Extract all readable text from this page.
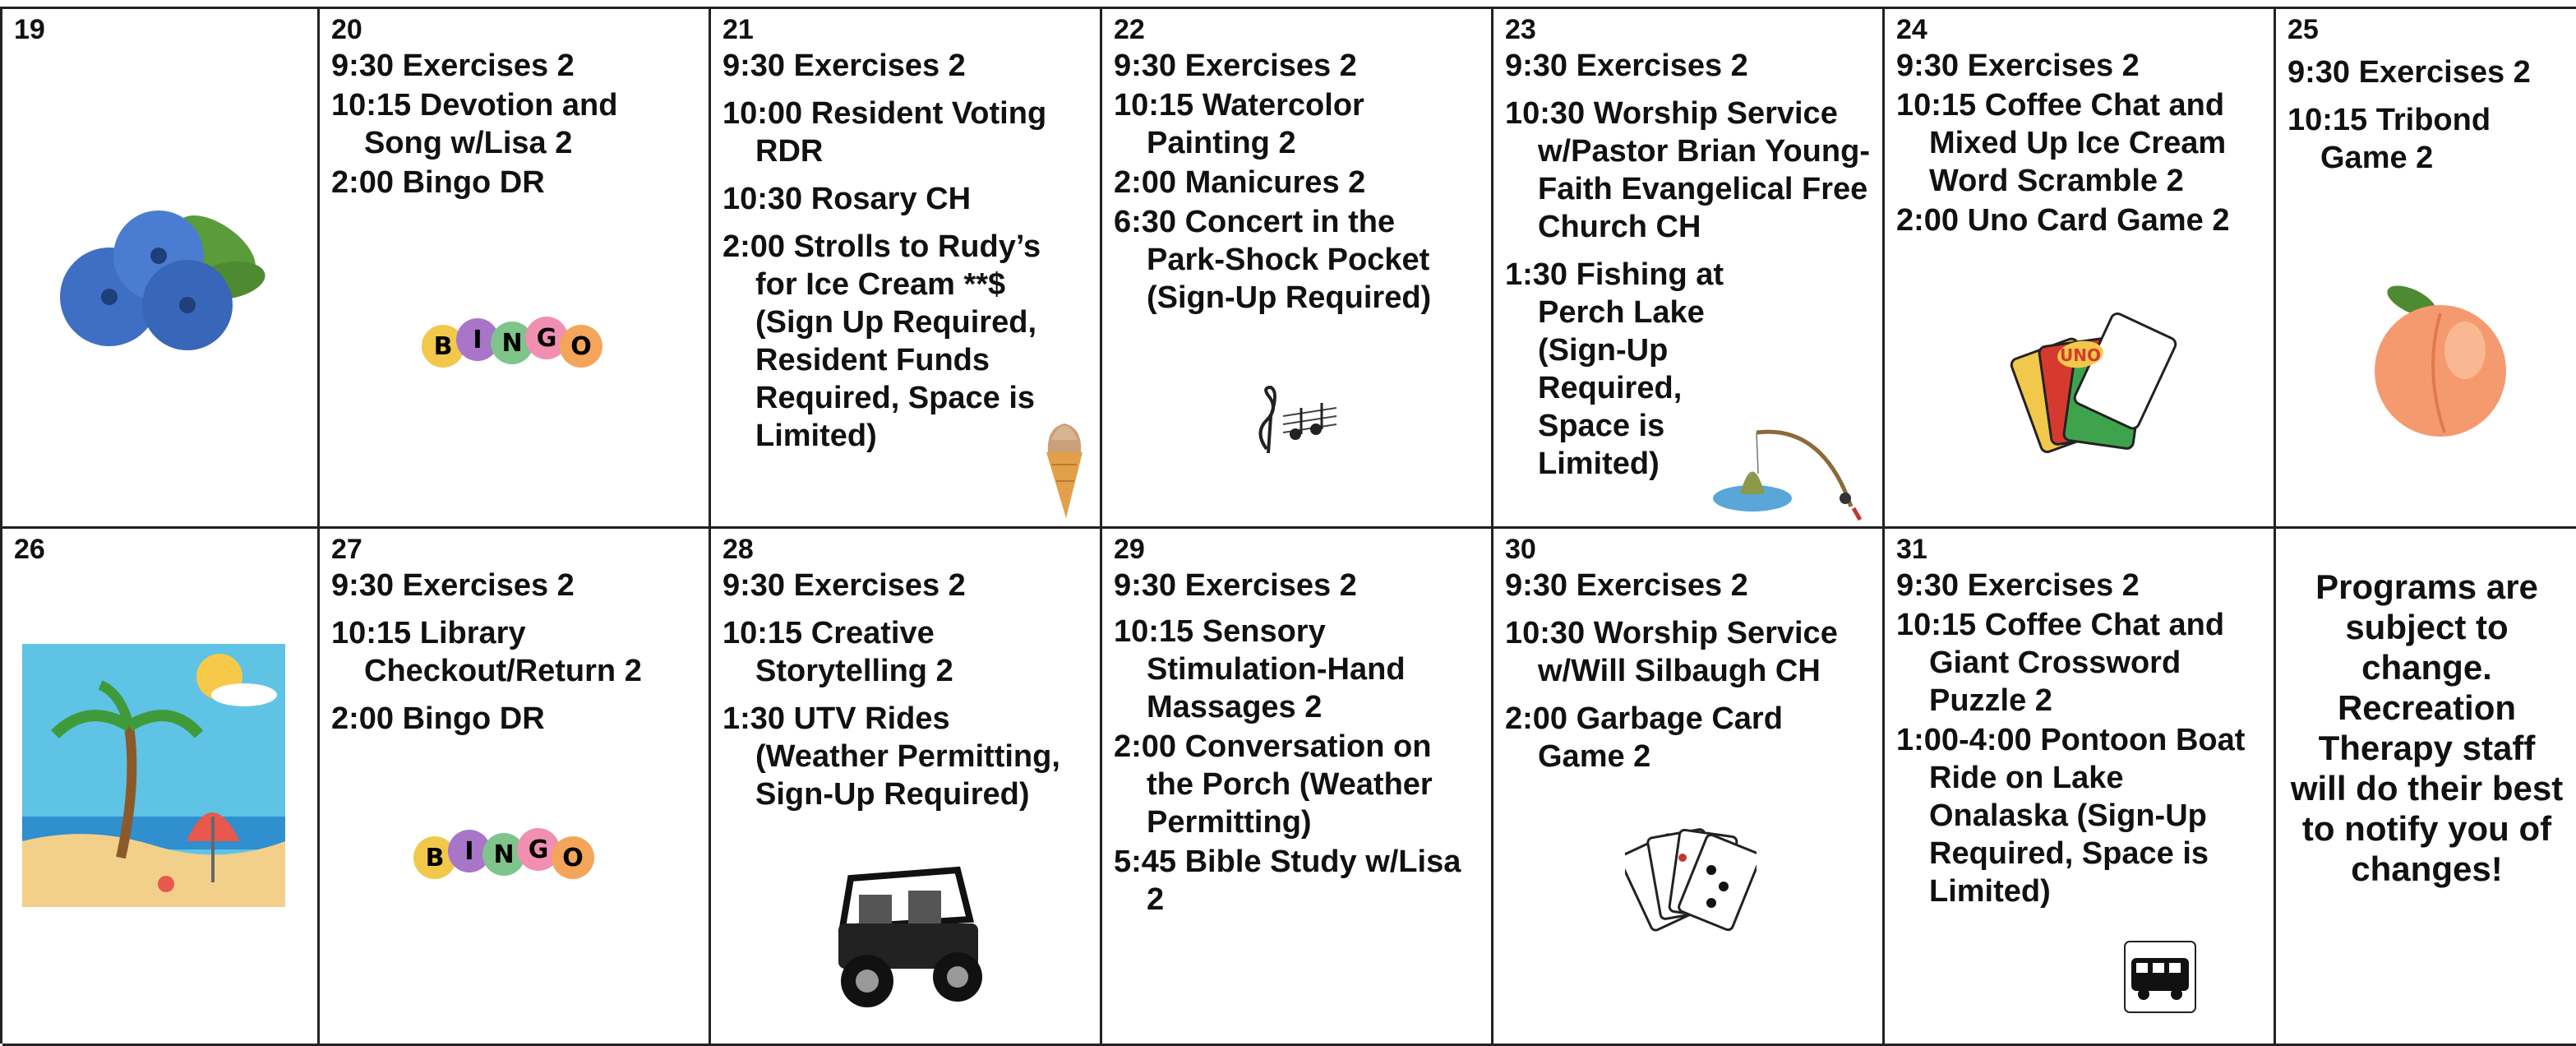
19	20
9:30 Exercises 2
10:15 Devotion and Song w/Lisa 2
2:00 Bingo DR
B I N G O
21
9:30 Exercises 2
10:00 Resident Voting RDR
10:30 Rosary CH
2:00 Strolls to Rudy’s for Ice Cream **$ (Sign Up Required, Resident Funds Required, Space is Limited)
22
9:30 Exercises 2
10:15 Watercolor Painting 2
2:00 Manicures 2
6:30 Concert in the Park-Shock Pocket (Sign-Up Required)
23
9:30 Exercises 2
10:30 Worship Service w/Pastor Brian Young-Faith Evangelical Free Church CH
1:30 Fishing at Perch Lake (Sign-Up Required, Space is Limited)
24
9:30 Exercises 2
10:15 Coffee Chat and Mixed Up Ice Cream Word Scramble 2
2:00 Uno Card Game 2
UNO
4
25
9:30 Exercises 2
10:15 Tribond Game 2
26	27
9:30 Exercises 2
10:15 Library Checkout/Return 2
2:00 Bingo DR
B I N G O
28
9:30 Exercises 2
10:15 Creative Storytelling 2
1:30 UTV Rides (Weather Permitting, Sign-Up Required)
29
9:30 Exercises 2
10:15 Sensory Stimulation-Hand Massages 2
2:00 Conversation on the Porch (Weather Permitting)
5:45 Bible Study w/Lisa 2
30
9:30 Exercises 2
10:30 Worship Service w/Will Silbaugh CH
2:00 Garbage Card Game 2
31
9:30 Exercises 2
10:15 Coffee Chat and Giant Crossword Puzzle 2
1:00-4:00 Pontoon Boat Ride on Lake Onalaska (Sign-Up Required, Space is Limited)
Programs are subject to change. Recreation Therapy staff will do their best to notify you of changes!
